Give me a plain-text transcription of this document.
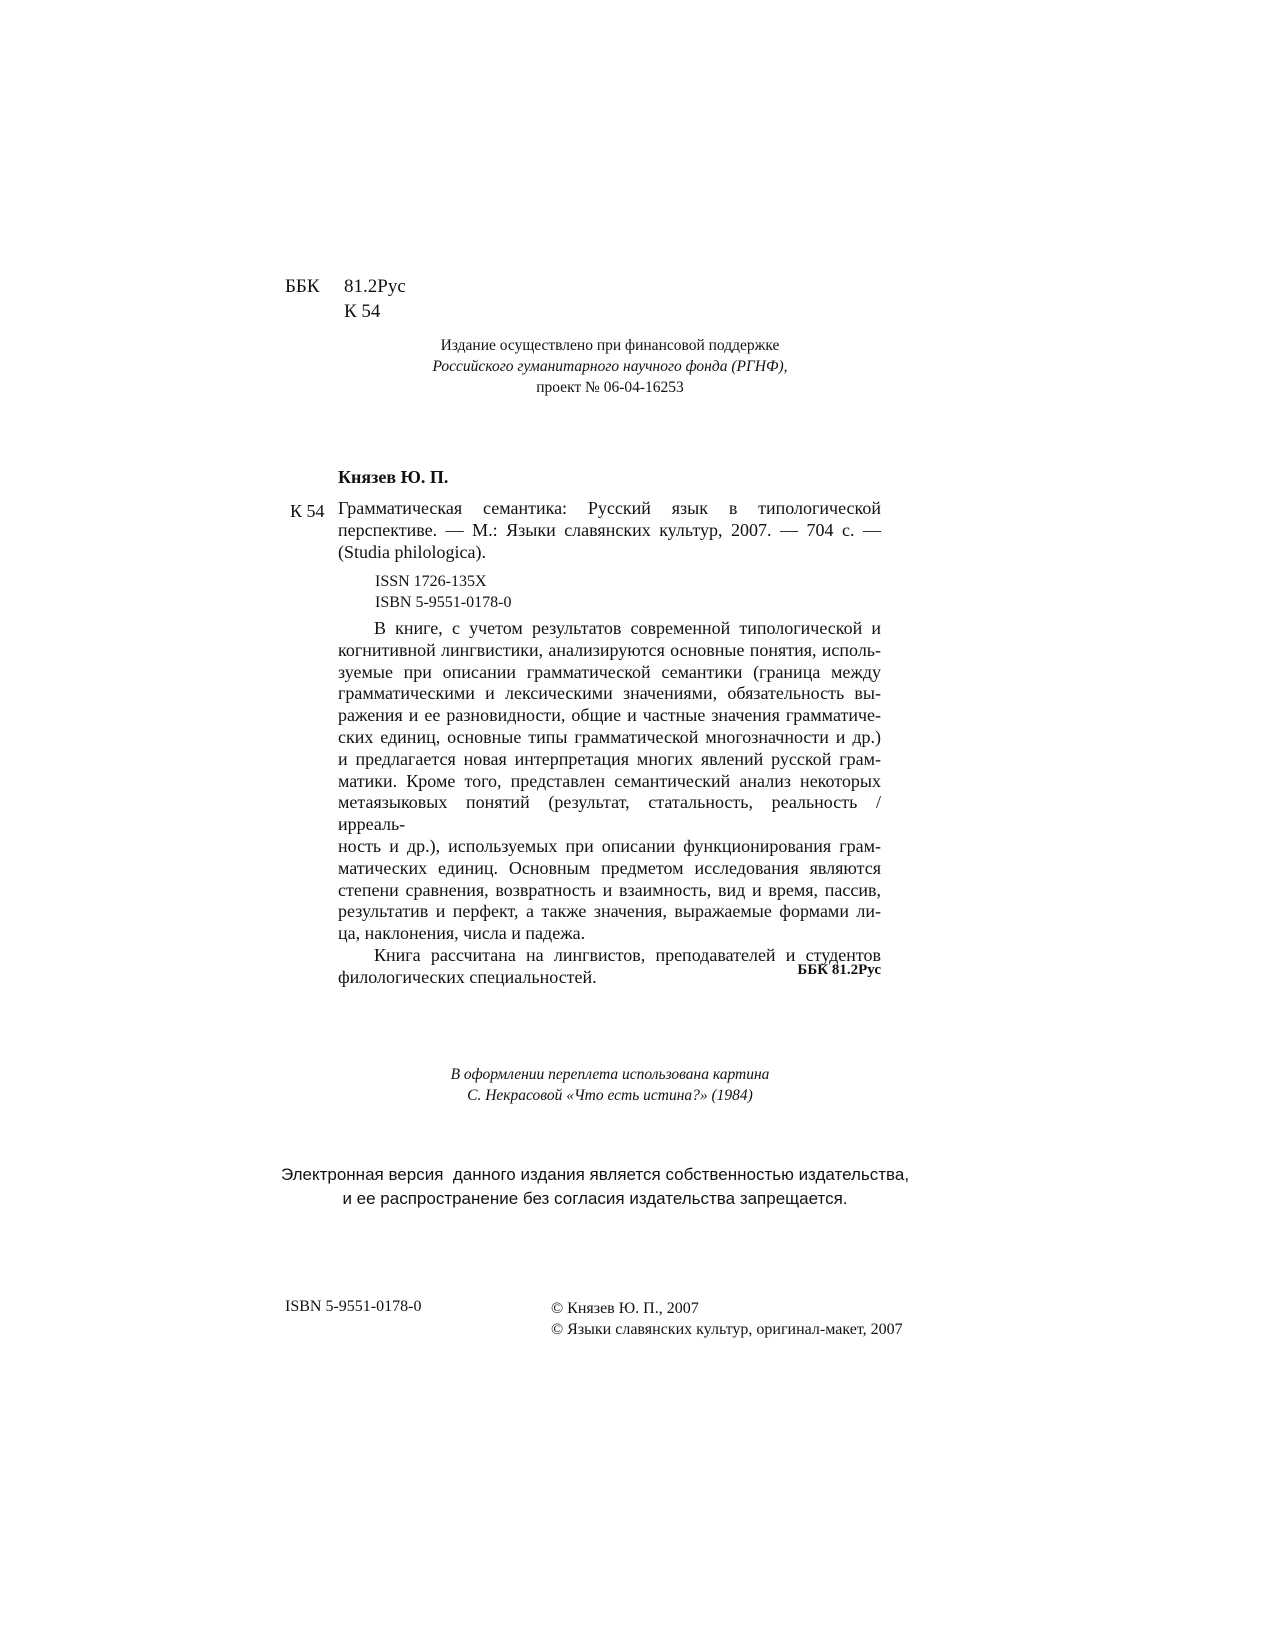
ББК 81.2Рус
К 54
Издание осуществлено при финансовой поддержке
Российского гуманитарного научного фонда (РГНФ),
проект № 06-04-16253
Князев Ю. П.
К 54 Грамматическая семантика: Русский язык в типологической
перспективе. — М.: Языки славянских культур, 2007. — 704 с. —
(Studia philologica).
ISSN 1726-135X
ISBN 5-9551-0178-0
В книге, с учетом результатов современной типологической и
когнитивной лингвистики, анализируются основные понятия, исполь-
зуемые при описании грамматической семантики (граница между
грамматическими и лексическими значениями, обязательность вы-
ражения и ее разновидности, общие и частные значения грамматиче-
ских единиц, основные типы грамматической многозначности и др.)
и предлагается новая интерпретация многих явлений русской грам-
матики. Кроме того, представлен семантический анализ некоторых
метаязыковых понятий (результат, статальность, реальность / ирреаль-
ность и др.), используемых при описании функционирования грам-
матических единиц. Основным предметом исследования являются
степени сравнения, возвратность и взаимность, вид и время, пассив,
результатив и перфект, а также значения, выражаемые формами ли-
ца, наклонения, числа и падежа.
Книга рассчитана на лингвистов, преподавателей и студентов
филологических специальностей.	ББК 81.2Рус
В оформлении переплета использована картина
С. Некрасовой «Что есть истина?» (1984)
Электронная версия  данного издания является собственностью издательства,
и ее распространение без согласия издательства запрещается.
ISBN 5-9551-0178-0	© Князев Ю. П., 2007
© Языки славянских культур, оригинал-макет, 2007
